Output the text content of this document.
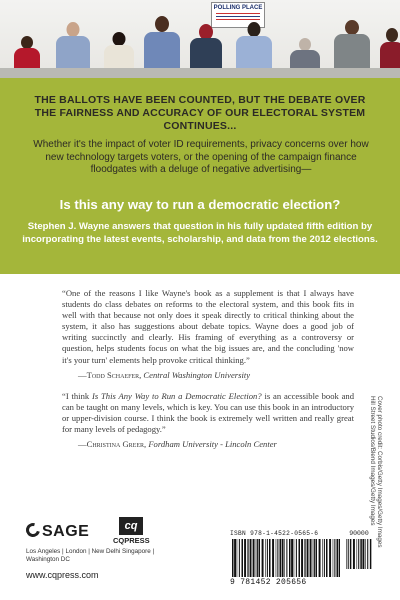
POLLING PLACE
THE BALLOTS HAVE BEEN COUNTED, BUT THE DEBATE OVER THE FAIRNESS AND ACCURACY OF OUR ELECTORAL SYSTEM CONTINUES...
Whether it's the impact of voter ID requirements, privacy concerns over how new technology targets voters, or the opening of the campaign finance floodgates with a deluge of negative advertising—
Is this any way to run a democratic election?
Stephen J. Wayne answers that question in his fully updated fifth edition by incorporating the latest events, scholarship, and data from the 2012 elections.

“One of the reasons I like Wayne's book as a supplement is that I always have students do class debates on reforms to the electoral system, and this book fits in well with that because not only does it speak directly to critical thinking about the system, it also has suggestions about debate topics. Wayne does a good job of writing succinctly and clearly. His framing of everything as a controversy or question, helps students focus on what the big issues are, and the concluding 'now it's your turn' elements help provoke critical thinking.”

—Todd Schaefer, Central Washington University

“I think Is This Any Way to Run a Democratic Election? is an accessible book and can be taught on many levels, which is key. You can use this book in an introductory or upper-division course. I think the book is extremely well written and really great for many levels of pedagogy.”

—Christina Greer, Fordham University - Lincoln Center	Cover photo credit: Corbis/Getty Images/Getty Images
Hill Street Studios/Blend Images/Getty Images
SAGE	cq
CQPRESS
Los Angeles | London | New Delhi Singapore | Washington DC
www.cqpress.com
ISBN 978-1-4522-0565-6	90000
9 781452 205656
